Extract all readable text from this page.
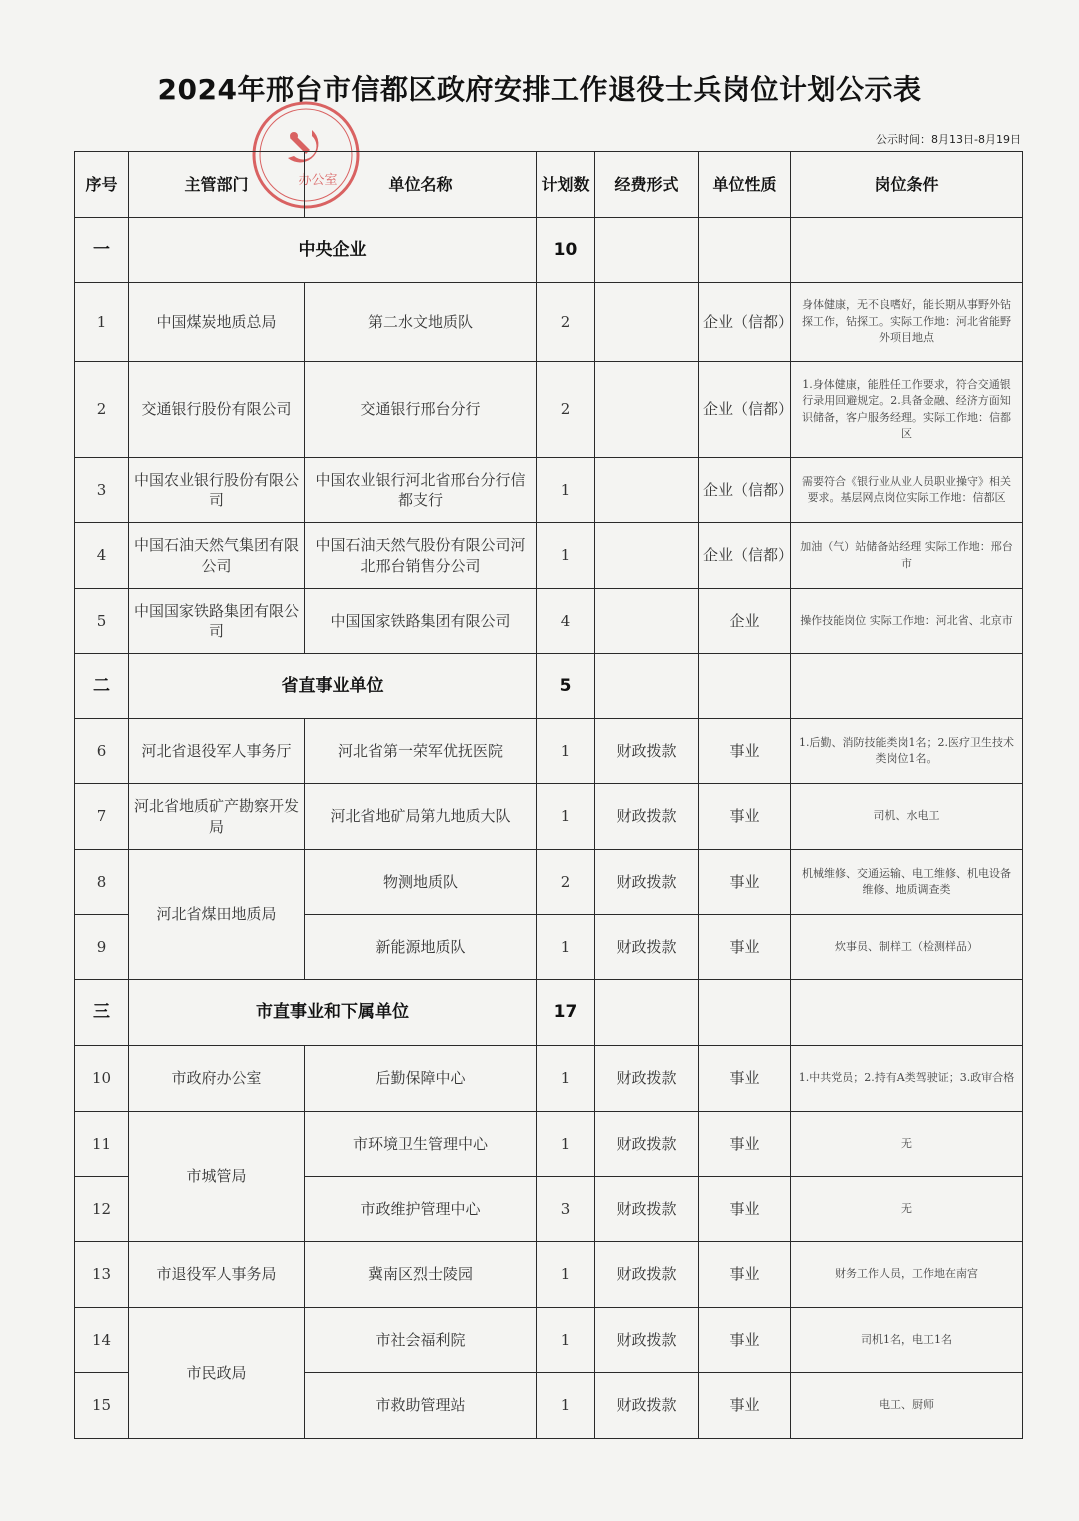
2024年邢台市信都区政府安排工作退役士兵岗位计划公示表
办公室
公示时间：8月13日-8月19日
序号	主管部门	单位名称	计划数	经费形式	单位性质	岗位条件
一	中央企业		10			
1	中国煤炭地质总局	第二水文地质队	2		企业（信都）	身体健康，无不良嗜好，能长期从事野外钻探工作，钻探工。实际工作地：河北省能野外项目地点
2	交通银行股份有限公司	交通银行邢台分行	2		企业（信都）	1.身体健康，能胜任工作要求，符合交通银行录用回避规定。2.具备金融、经济方面知识储备，客户服务经理。实际工作地：信都区
3	中国农业银行股份有限公司	中国农业银行河北省邢台分行信都支行	1		企业（信都）	需要符合《银行业从业人员职业操守》相关要求。基层网点岗位实际工作地：信都区
4	中国石油天然气集团有限公司	中国石油天然气股份有限公司河北邢台销售分公司	1		企业（信都）	加油（气）站储备站经理 实际工作地：邢台市
5	中国国家铁路集团有限公司	中国国家铁路集团有限公司	4		企业	操作技能岗位 实际工作地：河北省、北京市
二	省直事业单位		5			
6	河北省退役军人事务厅	河北省第一荣军优抚医院	1	财政拨款	事业	1.后勤、消防技能类岗1名；2.医疗卫生技术类岗位1名。
7	河北省地质矿产勘察开发局	河北省地矿局第九地质大队	1	财政拨款	事业	司机、水电工
8	河北省煤田地质局	物测地质队	2	财政拨款	事业	机械维修、交通运输、电工维修、机电设备维修、地质调查类
9		新能源地质队	1	财政拨款	事业	炊事员、制样工（检测样品）
三	市直事业和下属单位		17			
10	市政府办公室	后勤保障中心	1	财政拨款	事业	1.中共党员；2.持有A类驾驶证；3.政审合格
11	市城管局	市环境卫生管理中心	1	财政拨款	事业	无
12		市政维护管理中心	3	财政拨款	事业	无
13	市退役军人事务局	冀南区烈士陵园	1	财政拨款	事业	财务工作人员，工作地在南宫
14	市民政局	市社会福利院	1	财政拨款	事业	司机1名，电工1名
15		市救助管理站	1	财政拨款	事业	电工、厨师
